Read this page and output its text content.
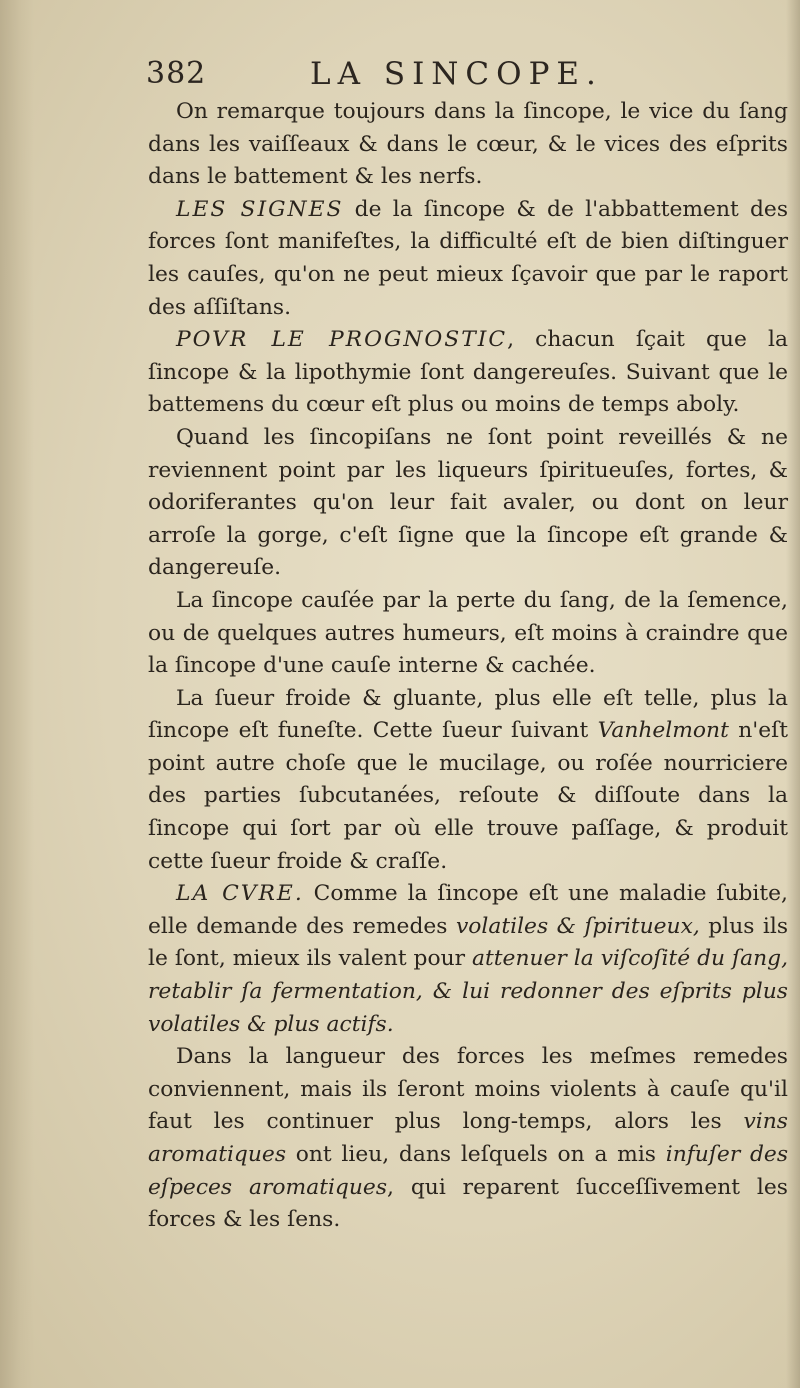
382	LA SINCOPE.

On remarque toujours dans la ſincope, le vice du ſang dans les vaiſſeaux & dans le cœur, & le vices des eſprits dans le battement & les nerfs.

LES SIGNES de la ſincope & de l'abbattement des forces ſont manifeſtes, la difficulté eſt de bien diſtinguer les cauſes, qu'on ne peut mieux ſçavoir que par le raport des aſſiſtans.

POVR LE PROGNOSTIC, chacun ſçait que la ſincope & la lipothymie ſont dangereuſes. Suivant que le battemens du cœur eſt plus ou moins de temps aboly.

Quand les ſincopiſans ne ſont point reveillés & ne reviennent point par les liqueurs ſpiritueuſes, fortes, & odoriferantes qu'on leur fait avaler, ou dont on leur arroſe la gorge, c'eſt ſigne que la ſincope eſt grande & dangereuſe.

La ſincope cauſée par la perte du ſang, de la ſemence, ou de quelques autres humeurs, eſt moins à craindre que la ſincope d'une cauſe interne & cachée.

La ſueur froide & gluante, plus elle eſt telle, plus la ſincope eſt funeſte. Cette ſueur ſuivant Vanhelmont n'eſt point autre choſe que le mucilage, ou roſée nourriciere des parties ſubcutanées, reſoute & diſſoute dans la ſincope qui ſort par où elle trouve paſſage, & produit cette ſueur froide & craſſe.

LA CVRE. Comme la ſincope eſt une maladie ſubite, elle demande des remedes volatiles & ſpiritueux, plus ils le ſont, mieux ils valent pour attenuer la viſcoſité du ſang, retablir ſa fermentation, & lui redonner des eſprits plus volatiles & plus actifs.

Dans la langueur des forces les meſmes remedes conviennent, mais ils ſeront moins violents à cauſe qu'il faut les continuer plus long-temps, alors les vins aromatiques ont lieu, dans leſquels on a mis infuſer des eſpeces aromatiques, qui reparent ſucceſſivement les forces & les ſens.
